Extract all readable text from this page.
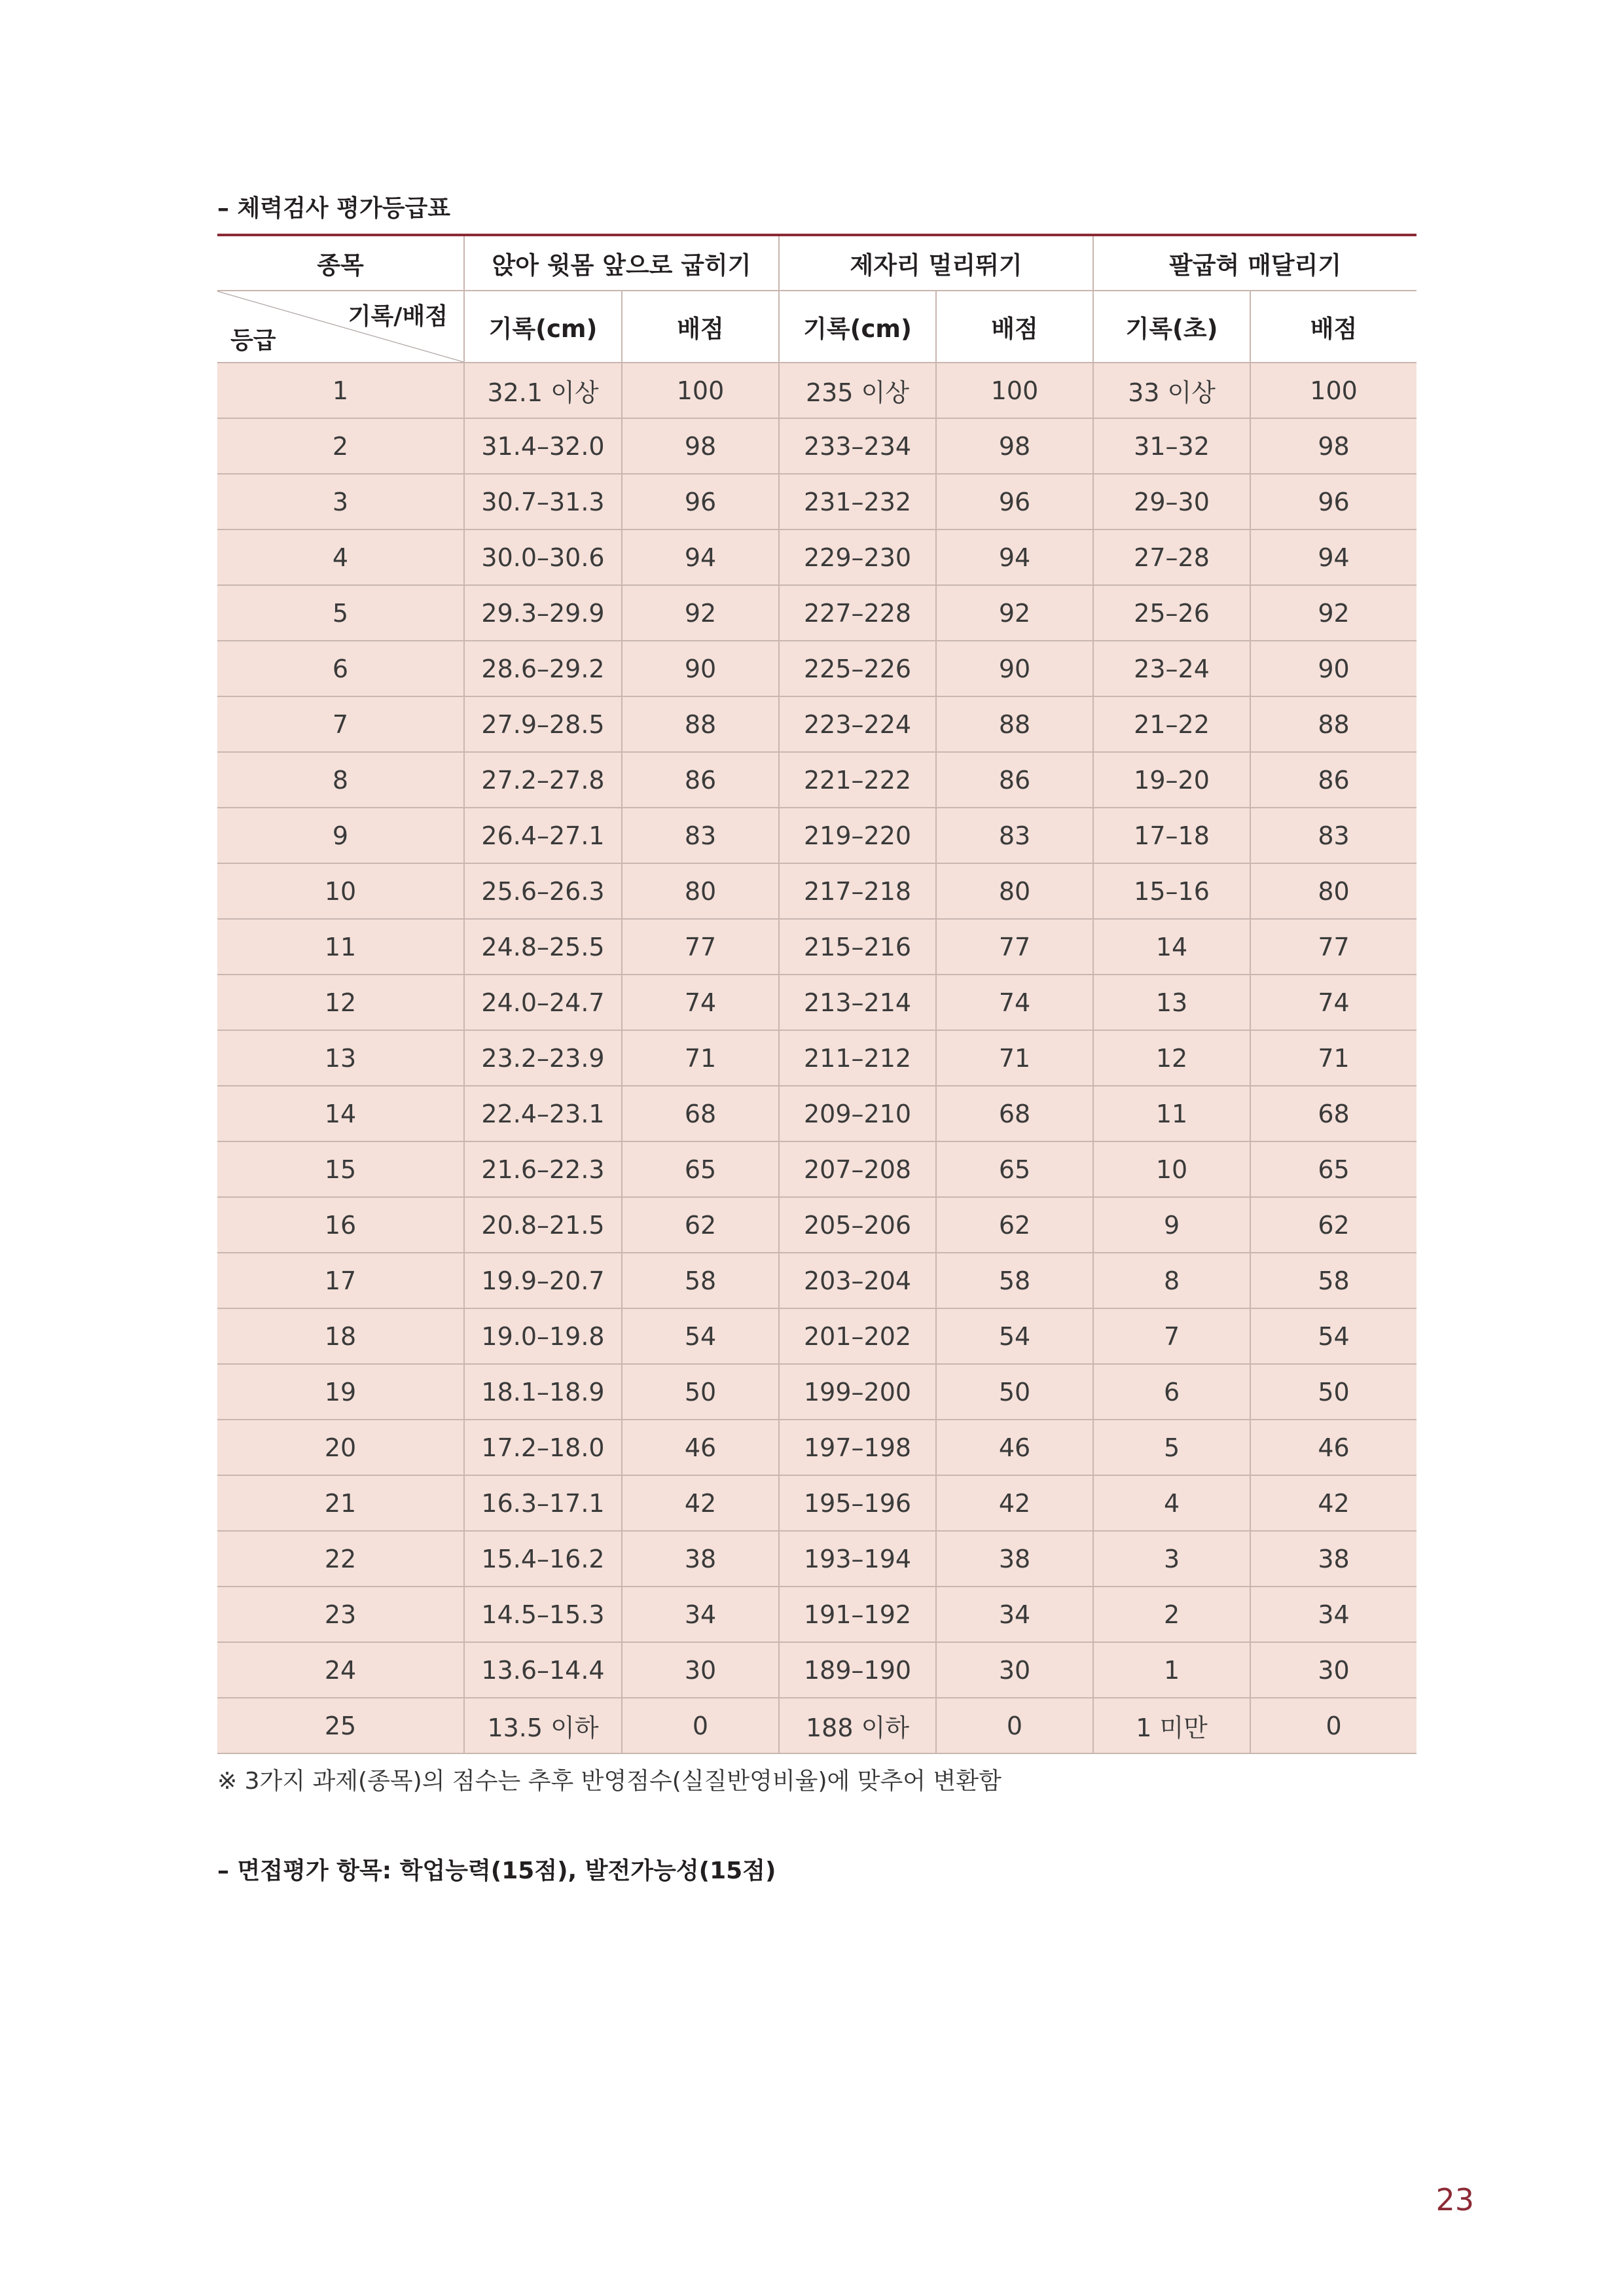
– 체력검사 평가등급표
종목	앉아 윗몸 앞으로 굽히기		제자리 멀리뛰기		팔굽혀 매달리기	

기록/배점
등급	기록(cm)	배점	기록(cm)	배점	기록(초)	배점
1	32.1 이상	100	235 이상	100	33 이상	100
2	31.4–32.0	98	233–234	98	31–32	98
3	30.7–31.3	96	231–232	96	29–30	96
4	30.0–30.6	94	229–230	94	27–28	94
5	29.3–29.9	92	227–228	92	25–26	92
6	28.6–29.2	90	225–226	90	23–24	90
7	27.9–28.5	88	223–224	88	21–22	88
8	27.2–27.8	86	221–222	86	19–20	86
9	26.4–27.1	83	219–220	83	17–18	83
10	25.6–26.3	80	217–218	80	15–16	80
11	24.8–25.5	77	215–216	77	14	77
12	24.0–24.7	74	213–214	74	13	74
13	23.2–23.9	71	211–212	71	12	71
14	22.4–23.1	68	209–210	68	11	68
15	21.6–22.3	65	207–208	65	10	65
16	20.8–21.5	62	205–206	62	9	62
17	19.9–20.7	58	203–204	58	8	58
18	19.0–19.8	54	201–202	54	7	54
19	18.1–18.9	50	199–200	50	6	50
20	17.2–18.0	46	197–198	46	5	46
21	16.3–17.1	42	195–196	42	4	42
22	15.4–16.2	38	193–194	38	3	38
23	14.5–15.3	34	191–192	34	2	34
24	13.6–14.4	30	189–190	30	1	30
25	13.5 이하	0	188 이하	0	1 미만	0
※ 3가지 과제(종목)의 점수는 추후 반영점수(실질반영비율)에 맞추어 변환함
– 면접평가 항목: 학업능력(15점), 발전가능성(15점)
23
